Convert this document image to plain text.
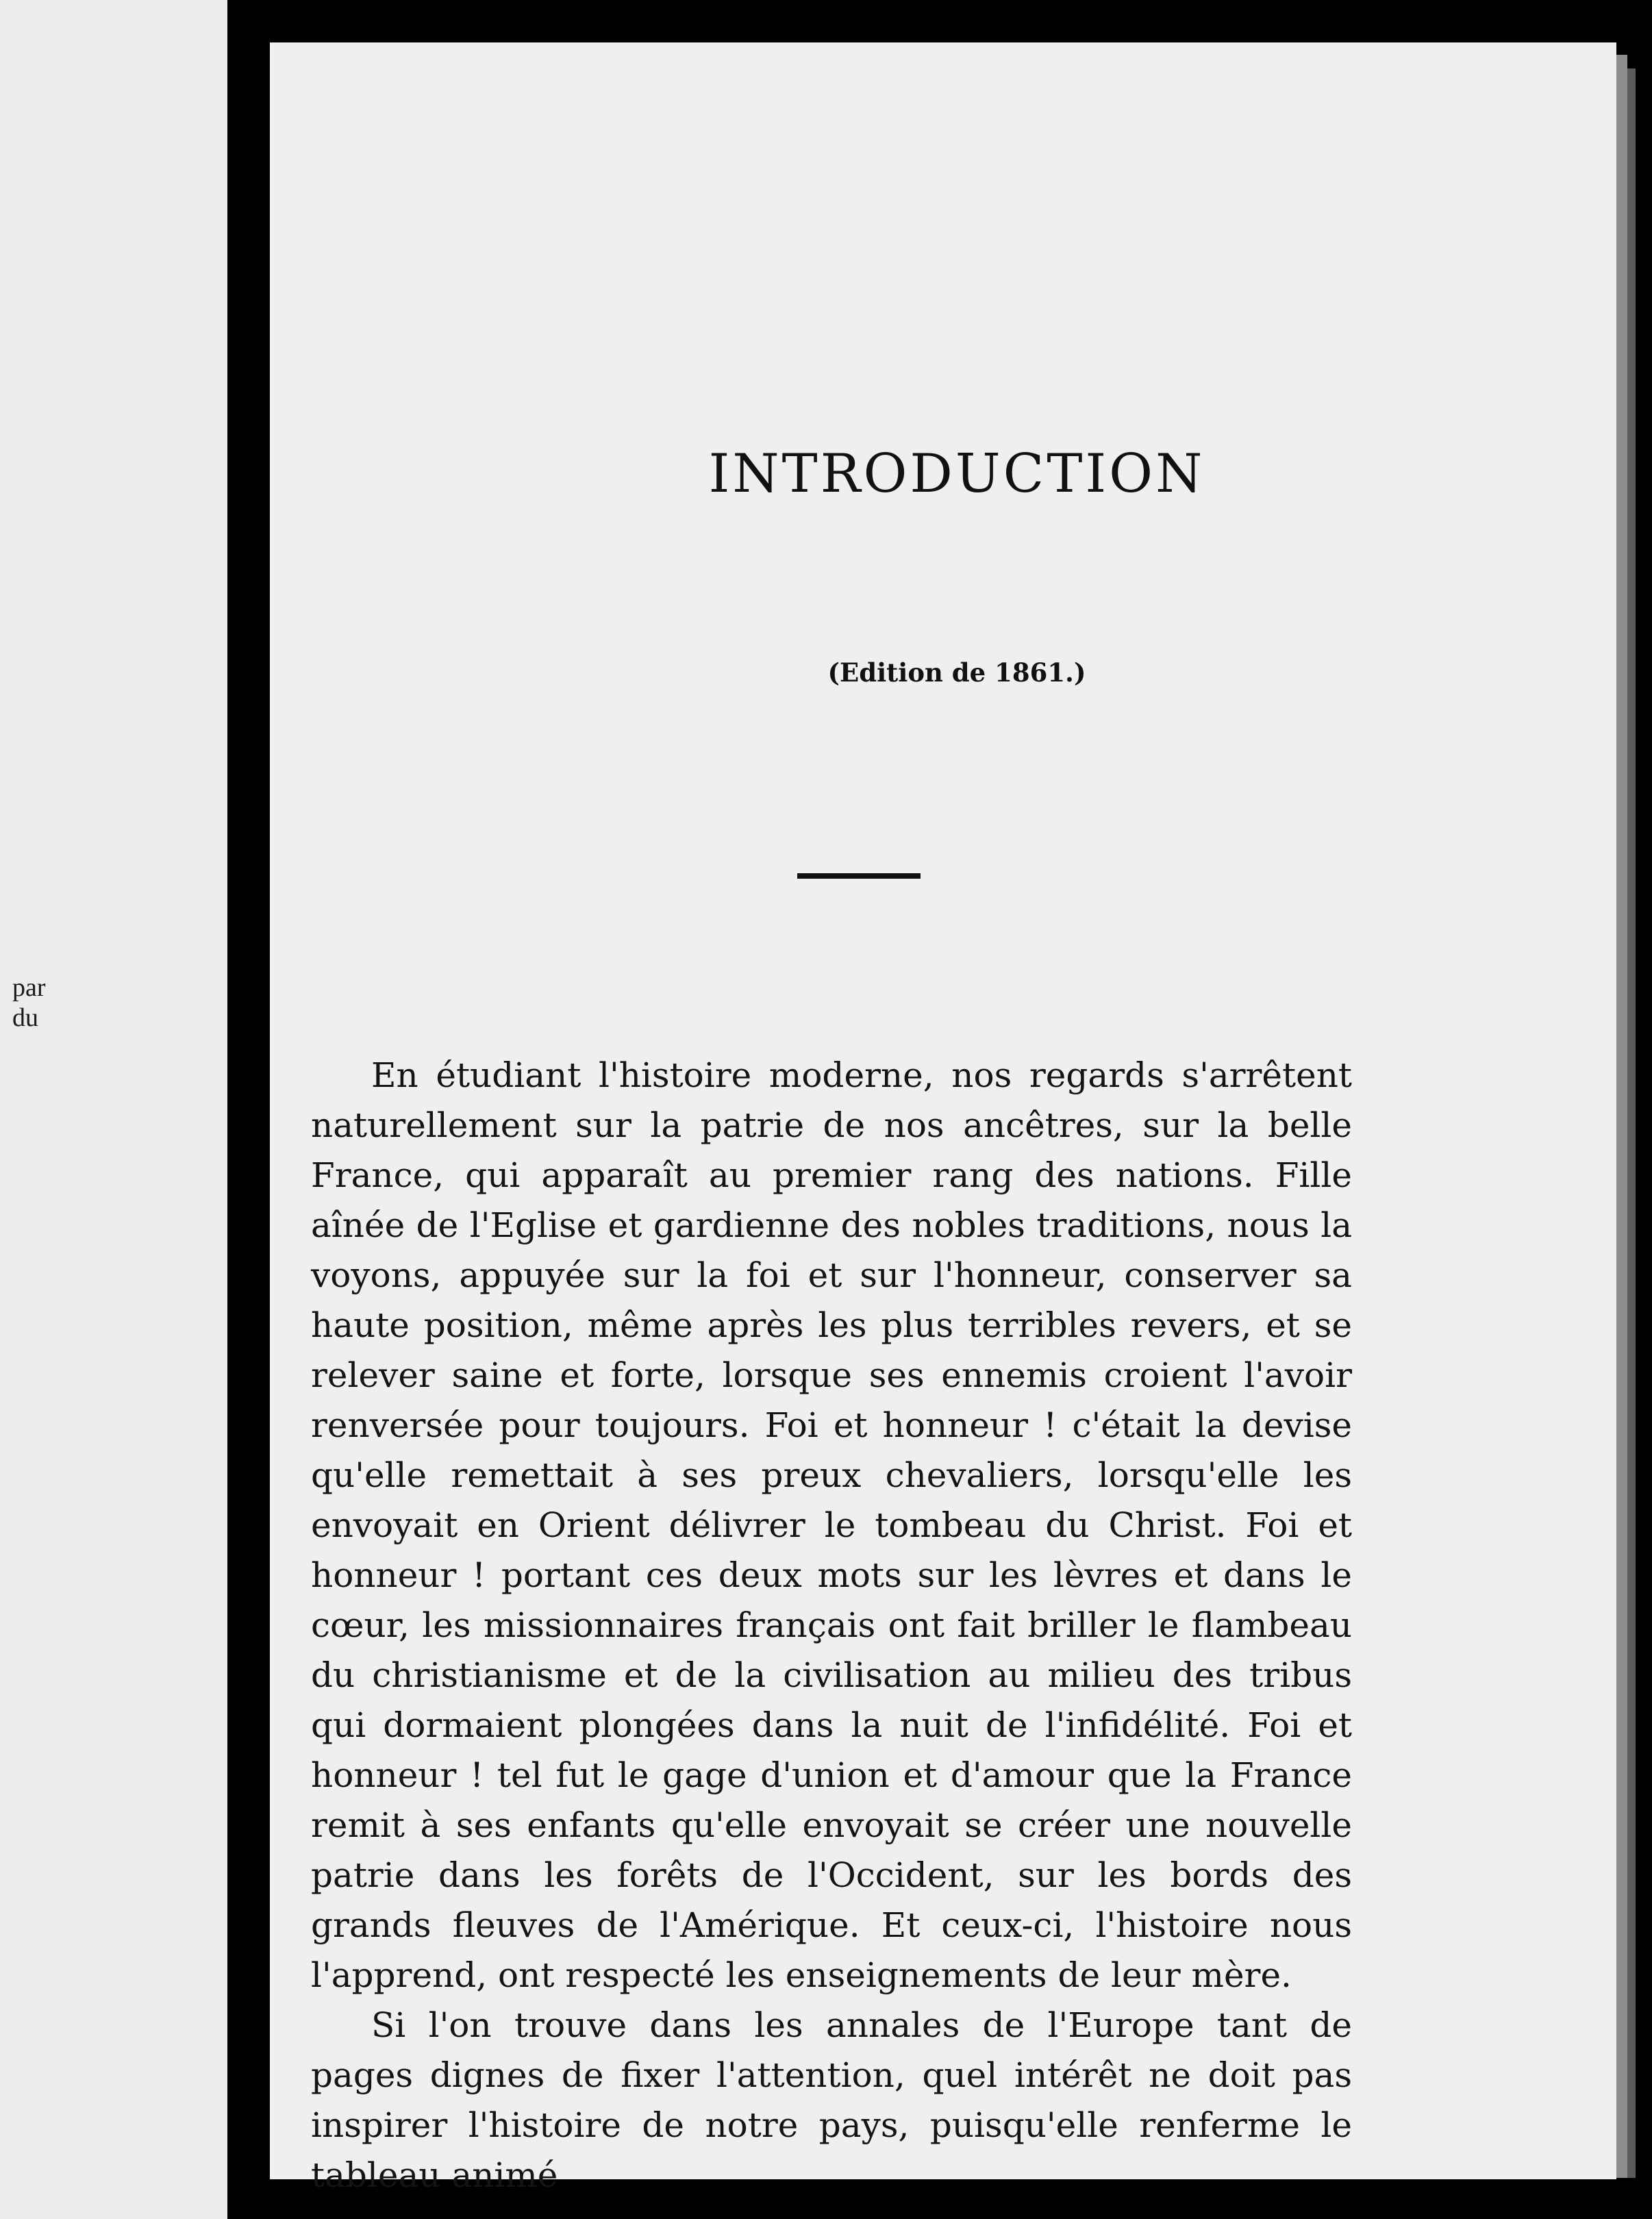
par
du
INTRODUCTION
(Edition de 1861.)

En étudiant l'histoire moderne, nos regards s'arrêtent naturellement sur la patrie de nos ancêtres, sur la belle France, qui apparaît au premier rang des nations. Fille aînée de l'Eglise et gardienne des nobles traditions, nous la voyons, appuyée sur la foi et sur l'honneur, conserver sa haute position, même après les plus terribles revers, et se relever saine et forte, lorsque ses ennemis croient l'avoir renversée pour toujours. Foi et honneur ! c'était la devise qu'elle remettait à ses preux chevaliers, lorsqu'elle les envoyait en Orient délivrer le tombeau du Christ. Foi et honneur ! portant ces deux mots sur les lèvres et dans le cœur, les missionnaires français ont fait briller le flambeau du christianisme et de la civilisation au milieu des tribus qui dormaient plongées dans la nuit de l'infidélité. Foi et honneur ! tel fut le gage d'union et d'amour que la France remit à ses enfants qu'elle envoyait se créer une nouvelle patrie dans les forêts de l'Occident, sur les bords des grands fleuves de l'Amérique. Et ceux-ci, l'histoire nous l'apprend, ont respecté les enseignements de leur mère.

Si l'on trouve dans les annales de l'Europe tant de pages dignes de fixer l'attention, quel intérêt ne doit pas inspirer l'histoire de notre pays, puisqu'elle renferme le tableau animé
